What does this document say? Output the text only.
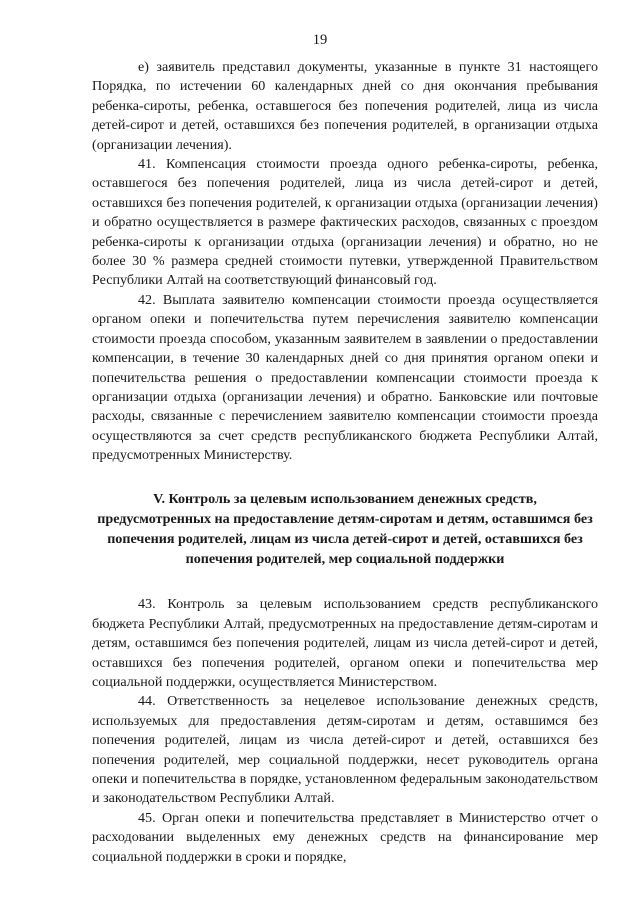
19

е) заявитель представил документы, указанные в пункте 31 настоящего Порядка, по истечении 60 календарных дней со дня окончания пребывания ребенка-сироты, ребенка, оставшегося без попечения родителей, лица из числа детей-сирот и детей, оставшихся без попечения родителей, в организации отдыха (организации лечения).

41. Компенсация стоимости проезда одного ребенка-сироты, ребенка, оставшегося без попечения родителей, лица из числа детей-сирот и детей, оставшихся без попечения родителей, к организации отдыха (организации лечения) и обратно осуществляется в размере фактических расходов, связанных с проездом ребенка-сироты к организации отдыха (организации лечения) и обратно, но не более 30 % размера средней стоимости путевки, утвержденной Правительством Республики Алтай на соответствующий финансовый год.

42. Выплата заявителю компенсации стоимости проезда осуществляется органом опеки и попечительства путем перечисления заявителю компенсации стоимости проезда способом, указанным заявителем в заявлении о предоставлении компенсации, в течение 30 календарных дней со дня принятия органом опеки и попечительства решения о предоставлении компенсации стоимости проезда к организации отдыха (организации лечения) и обратно. Банковские или почтовые расходы, связанные с перечислением заявителю компенсации стоимости проезда осуществляются за счет средств республиканского бюджета Республики Алтай, предусмотренных Министерству.

V. Контроль за целевым использованием денежных средств, предусмотренных на предоставление детям-сиротам и детям, оставшимся без попечения родителей, лицам из числа детей-сирот и детей, оставшихся без попечения родителей, мер социальной поддержки

43. Контроль за целевым использованием средств республиканского бюджета Республики Алтай, предусмотренных на предоставление детям-сиротам и детям, оставшимся без попечения родителей, лицам из числа детей-сирот и детей, оставшихся без попечения родителей, органом опеки и попечительства мер социальной поддержки, осуществляется Министерством.

44. Ответственность за нецелевое использование денежных средств, используемых для предоставления детям-сиротам и детям, оставшимся без попечения родителей, лицам из числа детей-сирот и детей, оставшихся без попечения родителей, мер социальной поддержки, несет руководитель органа опеки и попечительства в порядке, установленном федеральным законодательством и законодательством Республики Алтай.

45. Орган опеки и попечительства представляет в Министерство отчет о расходовании выделенных ему денежных средств на финансирование мер социальной поддержки в сроки и порядке,
